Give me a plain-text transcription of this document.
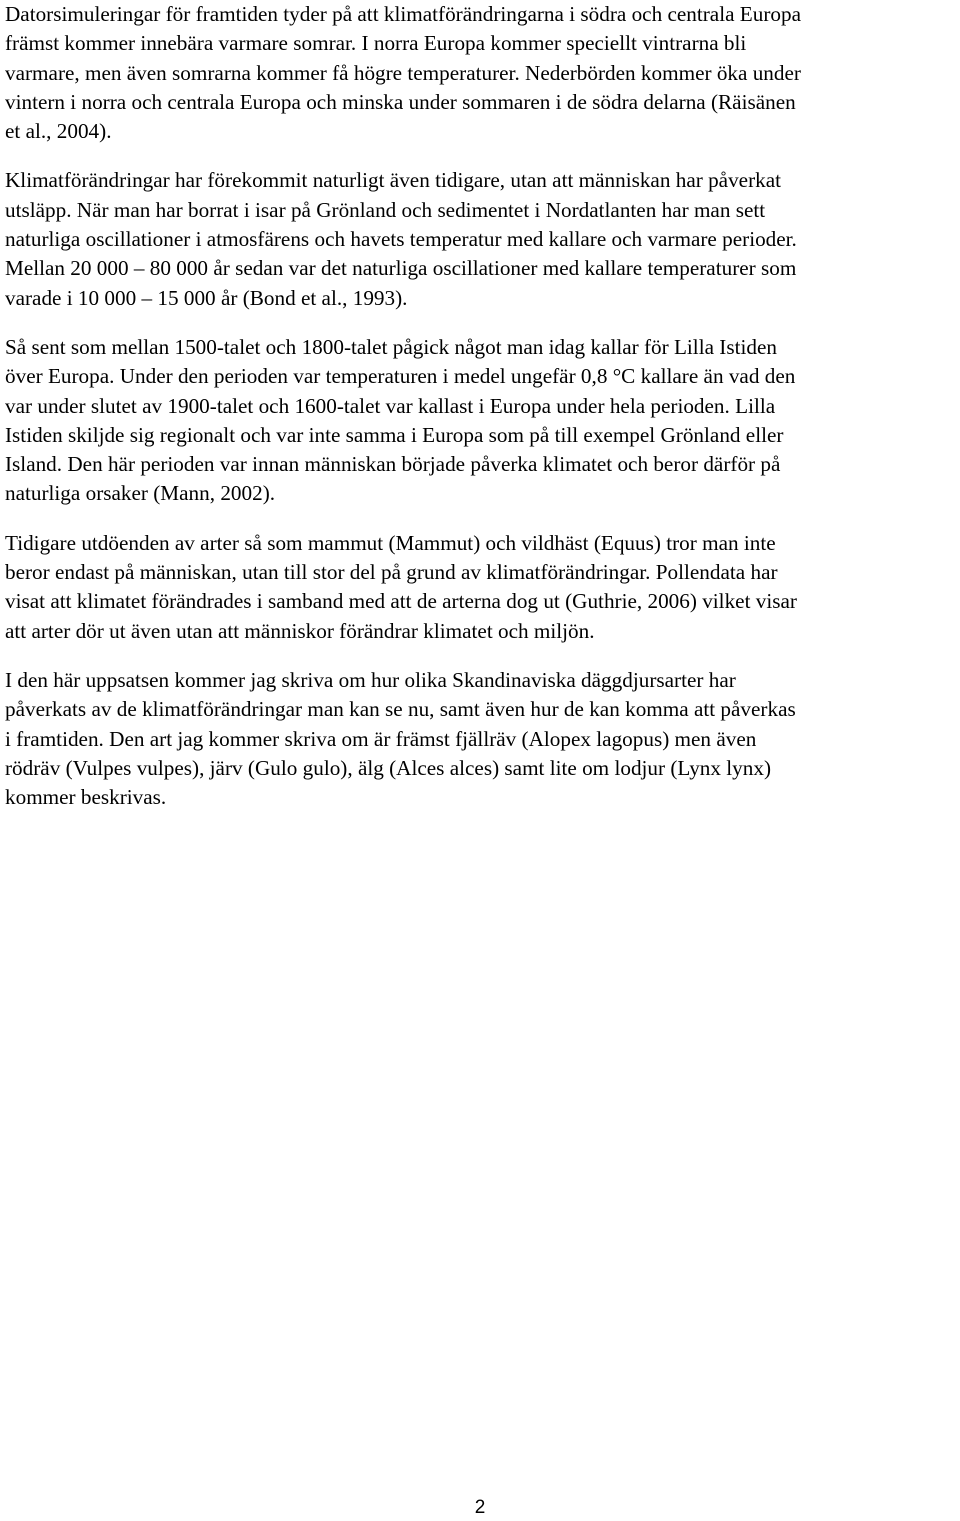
Datorsimuleringar för framtiden tyder på att klimatförändringarna i södra och centrala Europa
främst kommer innebära varmare somrar. I norra Europa kommer speciellt vintrarna bli
varmare, men även somrarna kommer få högre temperaturer. Nederbörden kommer öka under
vintern i norra och centrala Europa och minska under sommaren i de södra delarna (Räisänen
et al., 2004).

Klimatförändringar har förekommit naturligt även tidigare, utan att människan har påverkat
utsläpp. När man har borrat i isar på Grönland och sedimentet i Nordatlanten har man sett
naturliga oscillationer i atmosfärens och havets temperatur med kallare och varmare perioder.
Mellan 20 000 – 80 000 år sedan var det naturliga oscillationer med kallare temperaturer som
varade i 10 000 – 15 000 år (Bond et al., 1993).

Så sent som mellan 1500-talet och 1800-talet pågick något man idag kallar för Lilla Istiden
över Europa. Under den perioden var temperaturen i medel ungefär 0,8 °C kallare än vad den
var under slutet av 1900-talet och 1600-talet var kallast i Europa under hela perioden. Lilla
Istiden skiljde sig regionalt och var inte samma i Europa som på till exempel Grönland eller
Island. Den här perioden var innan människan började påverka klimatet och beror därför på
naturliga orsaker (Mann, 2002).

Tidigare utdöenden av arter så som mammut (Mammut) och vildhäst (Equus) tror man inte
beror endast på människan, utan till stor del på grund av klimatförändringar. Pollendata har
visat att klimatet förändrades i samband med att de arterna dog ut (Guthrie, 2006) vilket visar
att arter dör ut även utan att människor förändrar klimatet och miljön.

I den här uppsatsen kommer jag skriva om hur olika Skandinaviska däggdjursarter har
påverkats av de klimatförändringar man kan se nu, samt även hur de kan komma att påverkas
i framtiden. Den art jag kommer skriva om är främst fjällräv (Alopex lagopus) men även
rödräv (Vulpes vulpes), järv (Gulo gulo), älg (Alces alces) samt lite om lodjur (Lynx lynx)
kommer beskrivas.

2
